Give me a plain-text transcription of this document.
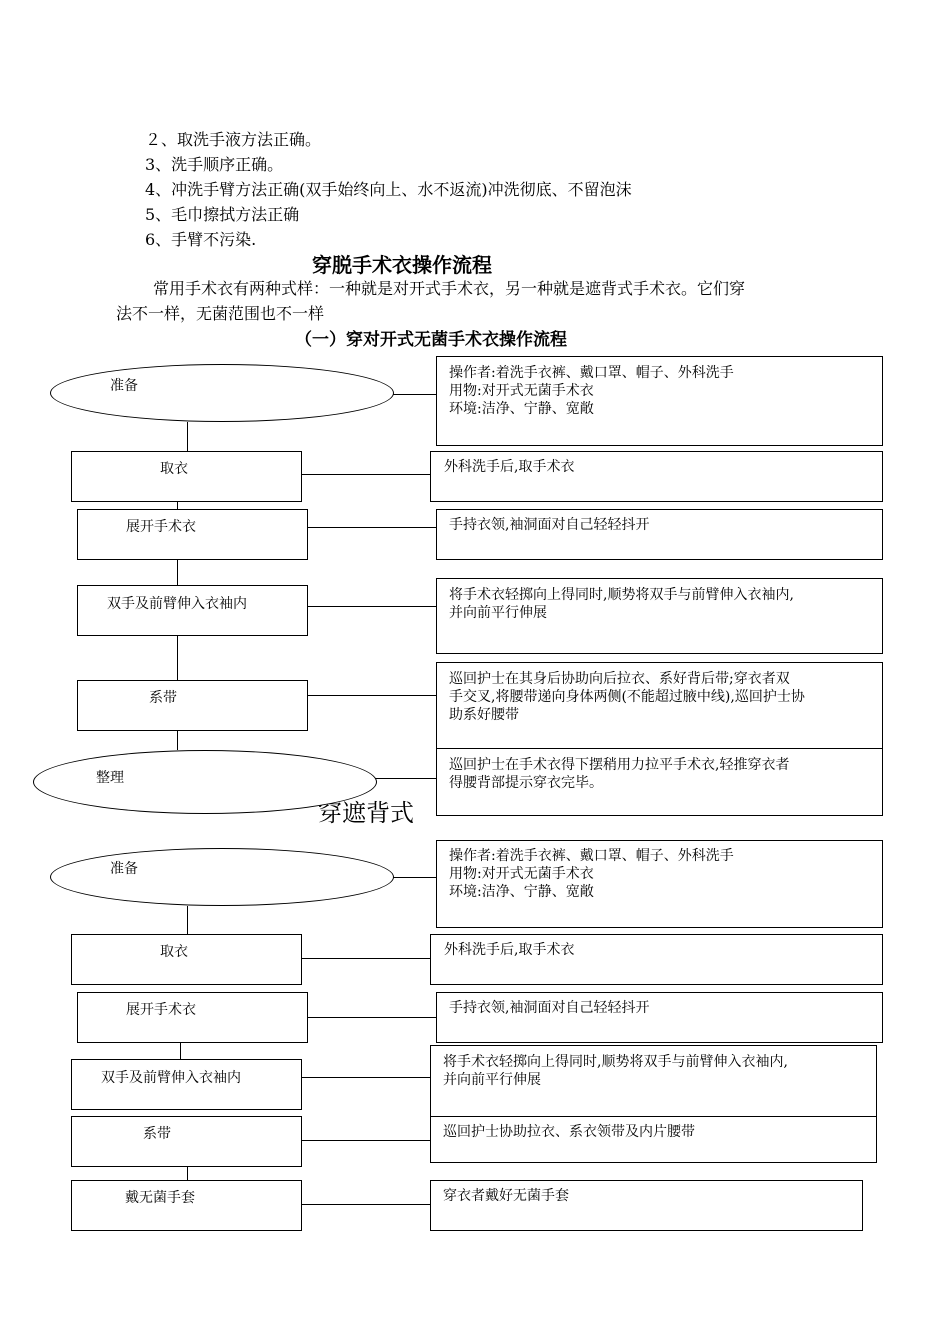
２、取洗手液方法正确。
3、洗手顺序正确。
4、冲洗手臂方法正确(双手始终向上、水不返流)冲洗彻底、不留泡沫
5、毛巾擦拭方法正确
6、手臂不污染.
穿脱手术衣操作流程
常用手术衣有两种式样：一种就是对开式手术衣，另一种就是遮背式手术衣。它们穿
法不一样，无菌范围也不一样
（一）穿对开式无菌手术衣操作流程
准备
操作者:着洗手衣裤、戴口罩、帽子、外科洗手
用物:对开式无菌手术衣
环境:洁净、宁静、宽敞
取衣	外科洗手后,取手术衣
展开手术衣	手持衣领,袖洞面对自己轻轻抖开
双手及前臂伸入衣袖内
将手术衣轻掷向上得同时,顺势将双手与前臂伸入衣袖内,
并向前平行伸展
系带
巡回护士在其身后协助向后拉衣、系好背后带;穿衣者双
手交叉,将腰带递向身体两侧(不能超过腋中线),巡回护士协
助系好腰带
穿遮背式
整理
巡回护士在手术衣得下摆稍用力拉平手术衣,轻推穿衣者
得腰背部提示穿衣完毕。
准备
操作者:着洗手衣裤、戴口罩、帽子、外科洗手
用物:对开式无菌手术衣
环境:洁净、宁静、宽敞
取衣	外科洗手后,取手术衣
展开手术衣	手持衣领,袖洞面对自己轻轻抖开
双手及前臂伸入衣袖内
将手术衣轻掷向上得同时,顺势将双手与前臂伸入衣袖内,
并向前平行伸展
系带	巡回护士协助拉衣、系衣领带及内片腰带
戴无菌手套	穿衣者戴好无菌手套
